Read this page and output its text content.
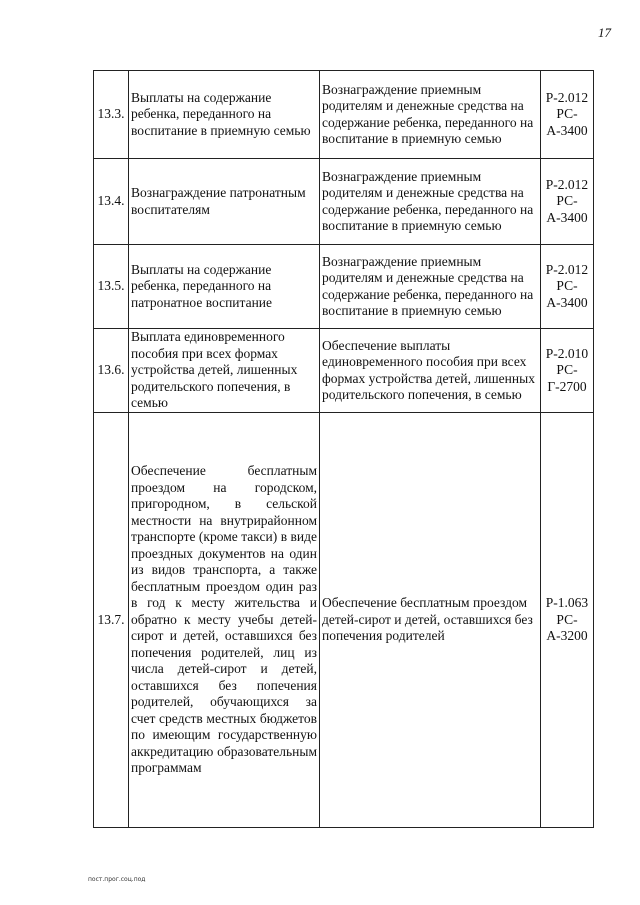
17
13.3.	Выплаты на содержание ребенка, переданного на воспитание в приемную семью	Вознаграждение приемным родителям и денежные средства на содержание ребенка, переданного на воспитание в приемную семью	Р-2.012 РС-А-3400
13.4.	Вознаграждение патронатным воспитателям	Вознаграждение приемным родителям и денежные средства на содержание ребенка, переданного на воспитание в приемную семью	Р-2.012 РС-А-3400
13.5.	Выплаты на содержание ребенка, переданного на патронатное воспитание	Вознаграждение приемным родителям и денежные средства на содержание ребенка, переданного на воспитание в приемную семью	Р-2.012 РС-А-3400
13.6.	Выплата единовременного пособия при всех формах устройства детей, лишенных родительского попечения, в семью	Обеспечение выплаты единовременного пособия при всех формах устройства детей, лишенных родительского попечения, в семью	Р-2.010 РС-Г-2700
13.7.	Обеспечение бесплатным проездом на городском, пригородном, в сельской местности на внутрирайонном транспорте (кроме такси) в виде проездных документов на один из видов транспорта, а также бесплатным проездом один раз в год к месту жительства и обратно к месту учебы детей-сирот и детей, оставшихся без попечения родителей, лиц из числа детей-сирот и детей, оставшихся без попечения родителей, обучающихся за счет средств местных бюджетов по имеющим государственную аккредитацию образовательным программам	Обеспечение бесплатным проездом детей-сирот и детей, оставшихся без попечения родителей	Р-1.063 РС-А-3200
пост.прог.соц.под
